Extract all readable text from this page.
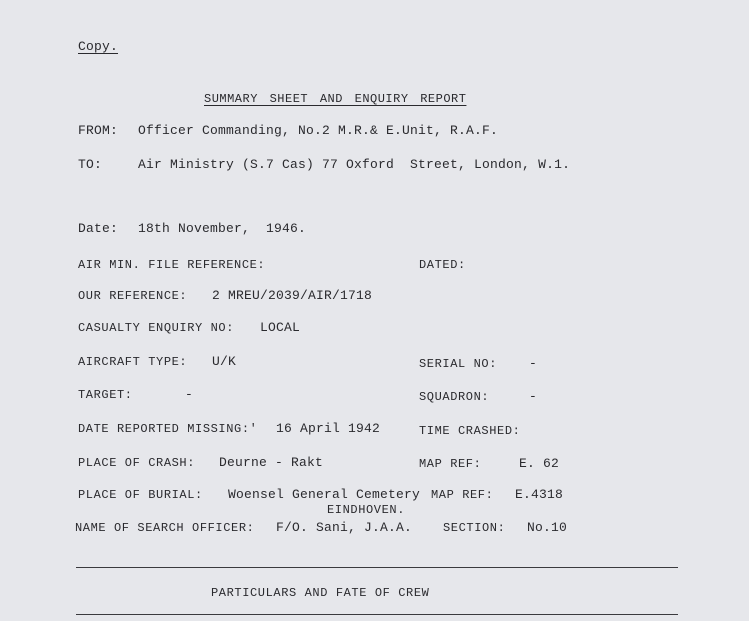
Copy.
SUMMARY SHEET AND ENQUIRY REPORT
FROM: Officer Commanding, No.2 M.R.& E.Unit, R.A.F.
TO:	Air Ministry (S.7 Cas) 77 Oxford  Street, London, W.1.
Date: 18th November,  1946.
AIR MIN. FILE REFERENCE:	DATED:
OUR REFERENCE: 2 MREU/2039/AIR/1718
CASUALTY ENQUIRY NO: LOCAL
AIRCRAFT TYPE: U/K	SERIAL NO: -
TARGET:	-	SQUADRON:	-
DATE REPORTED MISSING:' 16 April 1942	TIME CRASHED:
PLACE OF CRASH: Deurne - Rakt	MAP REF:	E. 62
PLACE OF BURIAL: Woensel General Cemetery MAP REF: E.4318
EINDHOVEN.
NAME OF SEARCH OFFICER: F/O. Sani, J.A.A.	SECTION: No.10
PARTICULARS AND FATE OF CREW
